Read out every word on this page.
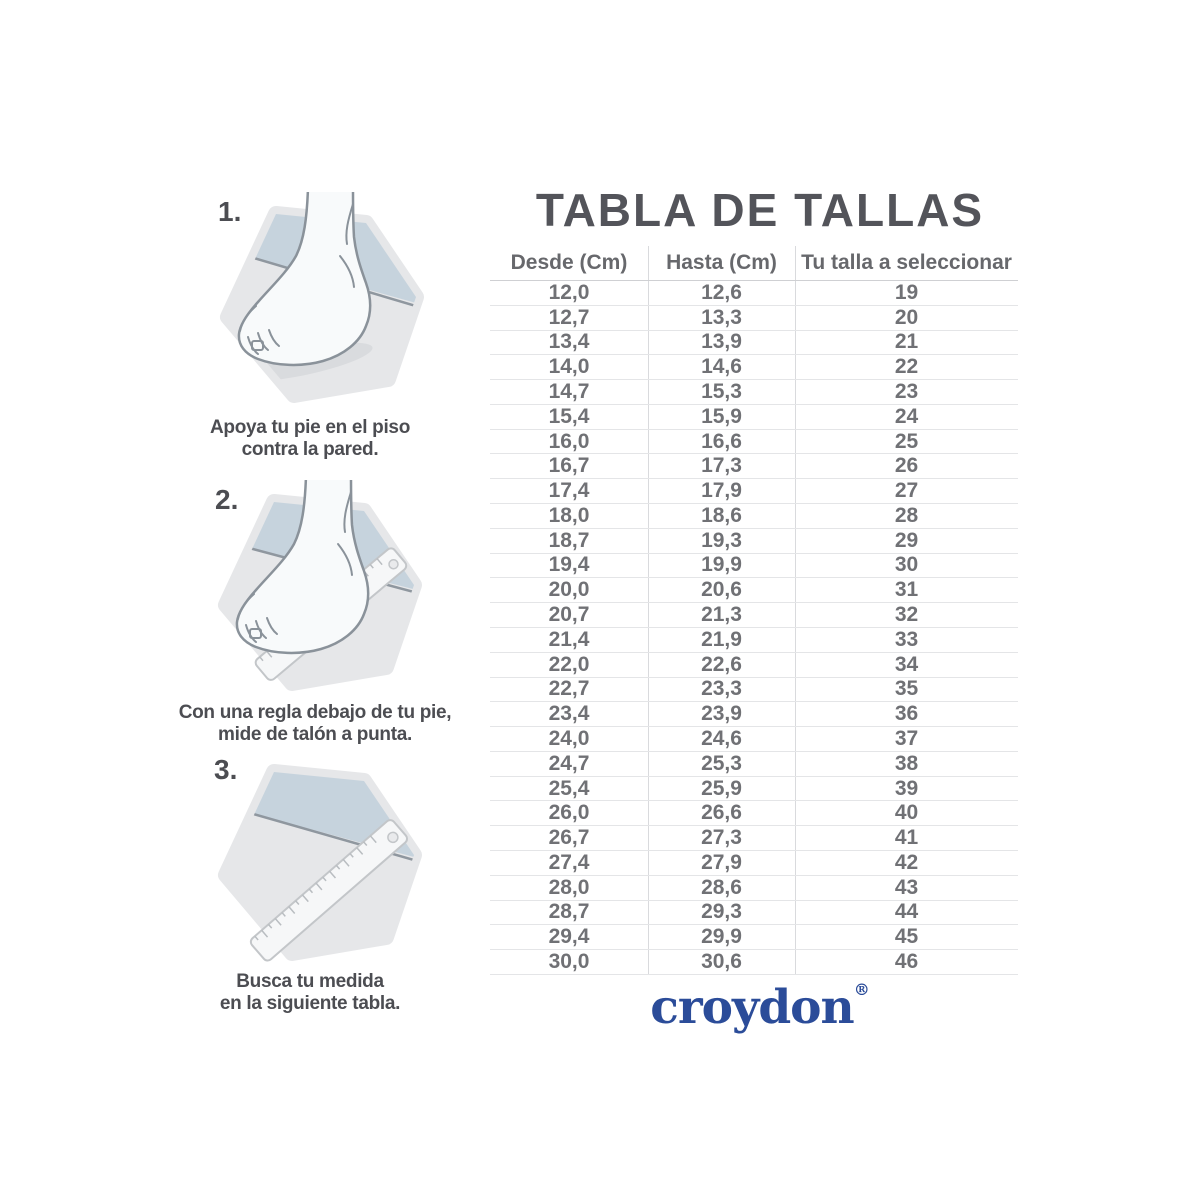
1.

Apoya tu pie en el piso
contra la pared.

2.

Con una regla debajo de tu pie,
mide de talón a punta.

3.

Busca tu medida
en la siguiente tabla.

TABLA DE TALLAS
Desde (Cm)	Hasta (Cm)	Tu talla a seleccionar
12,0	12,6	19
12,7	13,3	20
13,4	13,9	21
14,0	14,6	22
14,7	15,3	23
15,4	15,9	24
16,0	16,6	25
16,7	17,3	26
17,4	17,9	27
18,0	18,6	28
18,7	19,3	29
19,4	19,9	30
20,0	20,6	31
20,7	21,3	32
21,4	21,9	33
22,0	22,6	34
22,7	23,3	35
23,4	23,9	36
24,0	24,6	37
24,7	25,3	38
25,4	25,9	39
26,0	26,6	40
26,7	27,3	41
27,4	27,9	42
28,0	28,6	43
28,7	29,3	44
29,4	29,9	45
30,0	30,6	46
croydon®
